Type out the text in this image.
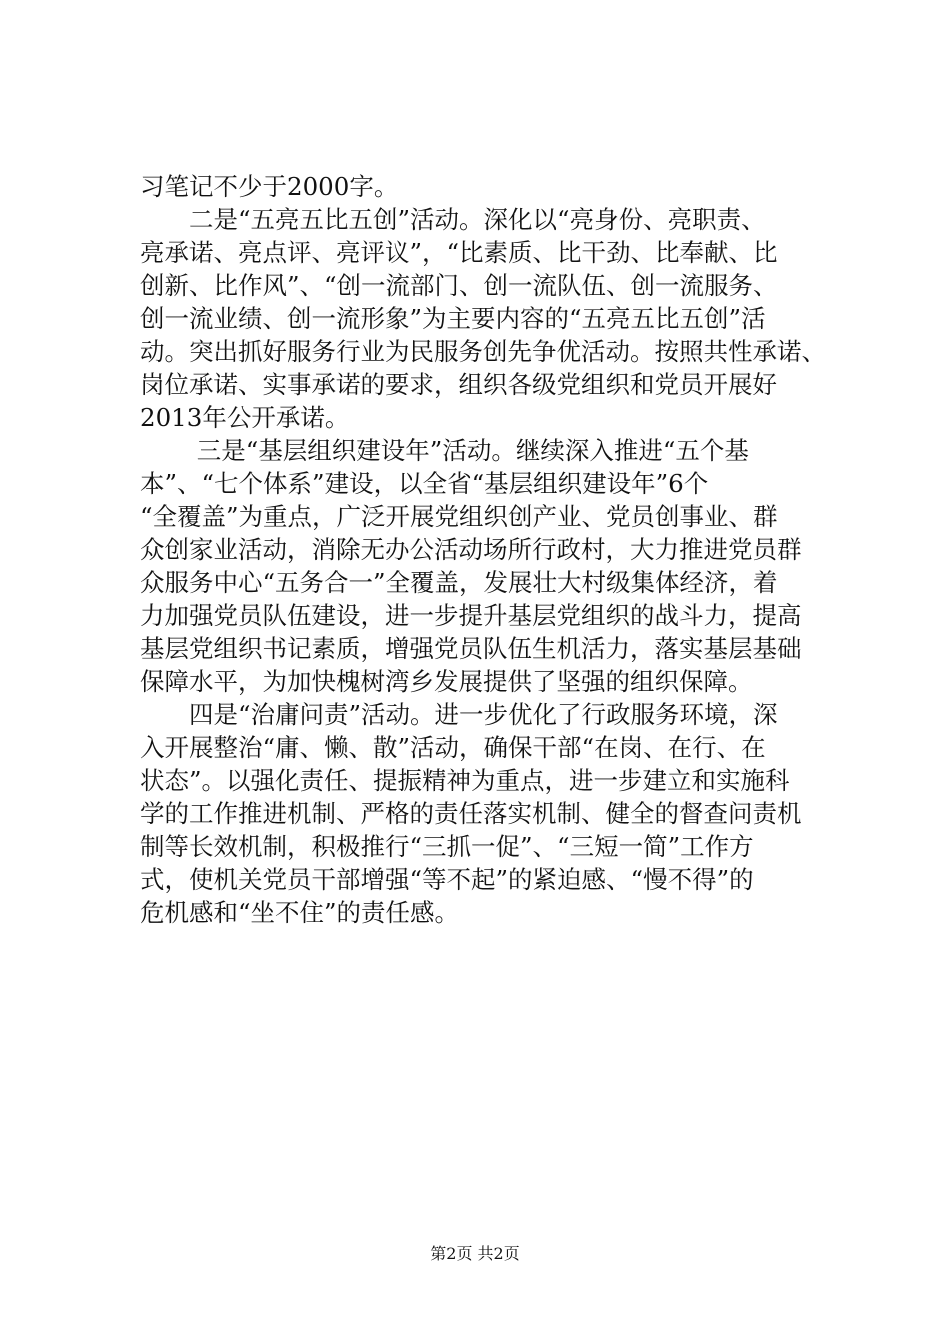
习笔记不少于2000字。
　　二是“五亮五比五创”活动。深化以“亮身份、亮职责、
亮承诺、亮点评、亮评议”，“比素质、比干劲、比奉献、比
创新、比作风”、“创一流部门、创一流队伍、创一流服务、
创一流业绩、创一流形象”为主要内容的“五亮五比五创”活
动。突出抓好服务行业为民服务创先争优活动。按照共性承诺、
岗位承诺、实事承诺的要求，组织各级党组织和党员开展好
2013年公开承诺。
　　 三是“基层组织建设年”活动。继续深入推进“五个基
本”、“七个体系”建设，以全省“基层组织建设年”6个
“全覆盖”为重点，广泛开展党组织创产业、党员创事业、群
众创家业活动，消除无办公活动场所行政村，大力推进党员群
众服务中心“五务合一”全覆盖，发展壮大村级集体经济，着
力加强党员队伍建设，进一步提升基层党组织的战斗力，提高
基层党组织书记素质，增强党员队伍生机活力，落实基层基础
保障水平，为加快槐树湾乡发展提供了坚强的组织保障。
　　四是“治庸问责”活动。进一步优化了行政服务环境，深
入开展整治“庸、懒、散”活动，确保干部“在岗、在行、在
状态”。以强化责任、提振精神为重点，进一步建立和实施科
学的工作推进机制、严格的责任落实机制、健全的督查问责机
制等长效机制，积极推行“三抓一促”、“三短一简”工作方
式，使机关党员干部增强“等不起”的紧迫感、“慢不得”的
危机感和“坐不住”的责任感。
第2页 共2页
